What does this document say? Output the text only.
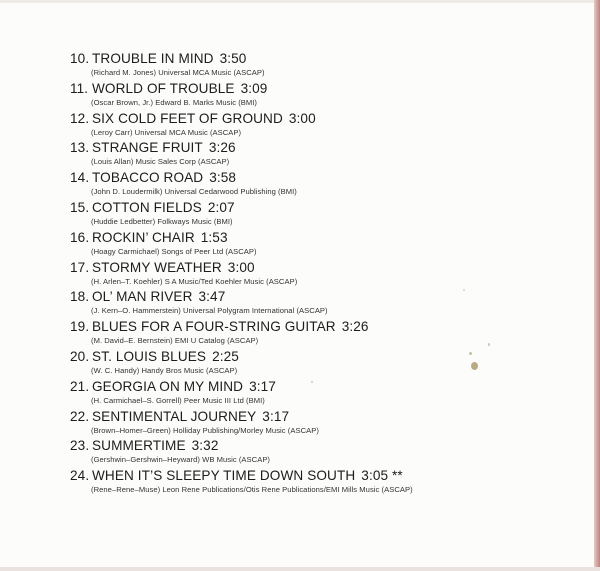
10. TROUBLE IN MIND 3:50
(Richard M. Jones) Universal MCA Music (ASCAP)
11. WORLD OF TROUBLE 3:09
(Oscar Brown, Jr.) Edward B. Marks Music (BMI)
12. SIX COLD FEET OF GROUND 3:00
(Leroy Carr) Universal MCA Music (ASCAP)
13. STRANGE FRUIT 3:26
(Louis Allan) Music Sales Corp (ASCAP)
14. TOBACCO ROAD 3:58
(John D. Loudermilk) Universal Cedarwood Publishing (BMI)
15. COTTON FIELDS 2:07
(Huddie Ledbetter) Folkways Music (BMI)
16. ROCKIN’ CHAIR 1:53
(Hoagy Carmichael) Songs of Peer Ltd (ASCAP)
17. STORMY WEATHER 3:00
(H. Arlen–T. Koehler) S A Music/Ted Koehler Music (ASCAP)
18. OL’ MAN RIVER 3:47
(J. Kern–O. Hammerstein) Universal Polygram International (ASCAP)
19. BLUES FOR A FOUR-STRING GUITAR 3:26
(M. David–E. Bernstein) EMI U Catalog (ASCAP)
20. ST. LOUIS BLUES 2:25
(W. C. Handy) Handy Bros Music (ASCAP)
21. GEORGIA ON MY MIND 3:17
(H. Carmichael–S. Gorrell) Peer Music III Ltd (BMI)
22. SENTIMENTAL JOURNEY 3:17
(Brown–Homer–Green) Holliday Publishing/Morley Music (ASCAP)
23. SUMMERTIME 3:32
(Gershwin–Gershwin–Heyward) WB Music (ASCAP)
24. WHEN IT’S SLEEPY TIME DOWN SOUTH 3:05 **
(Rene–Rene–Muse) Leon Rene Publications/Otis Rene Publications/EMI Mills Music (ASCAP)
